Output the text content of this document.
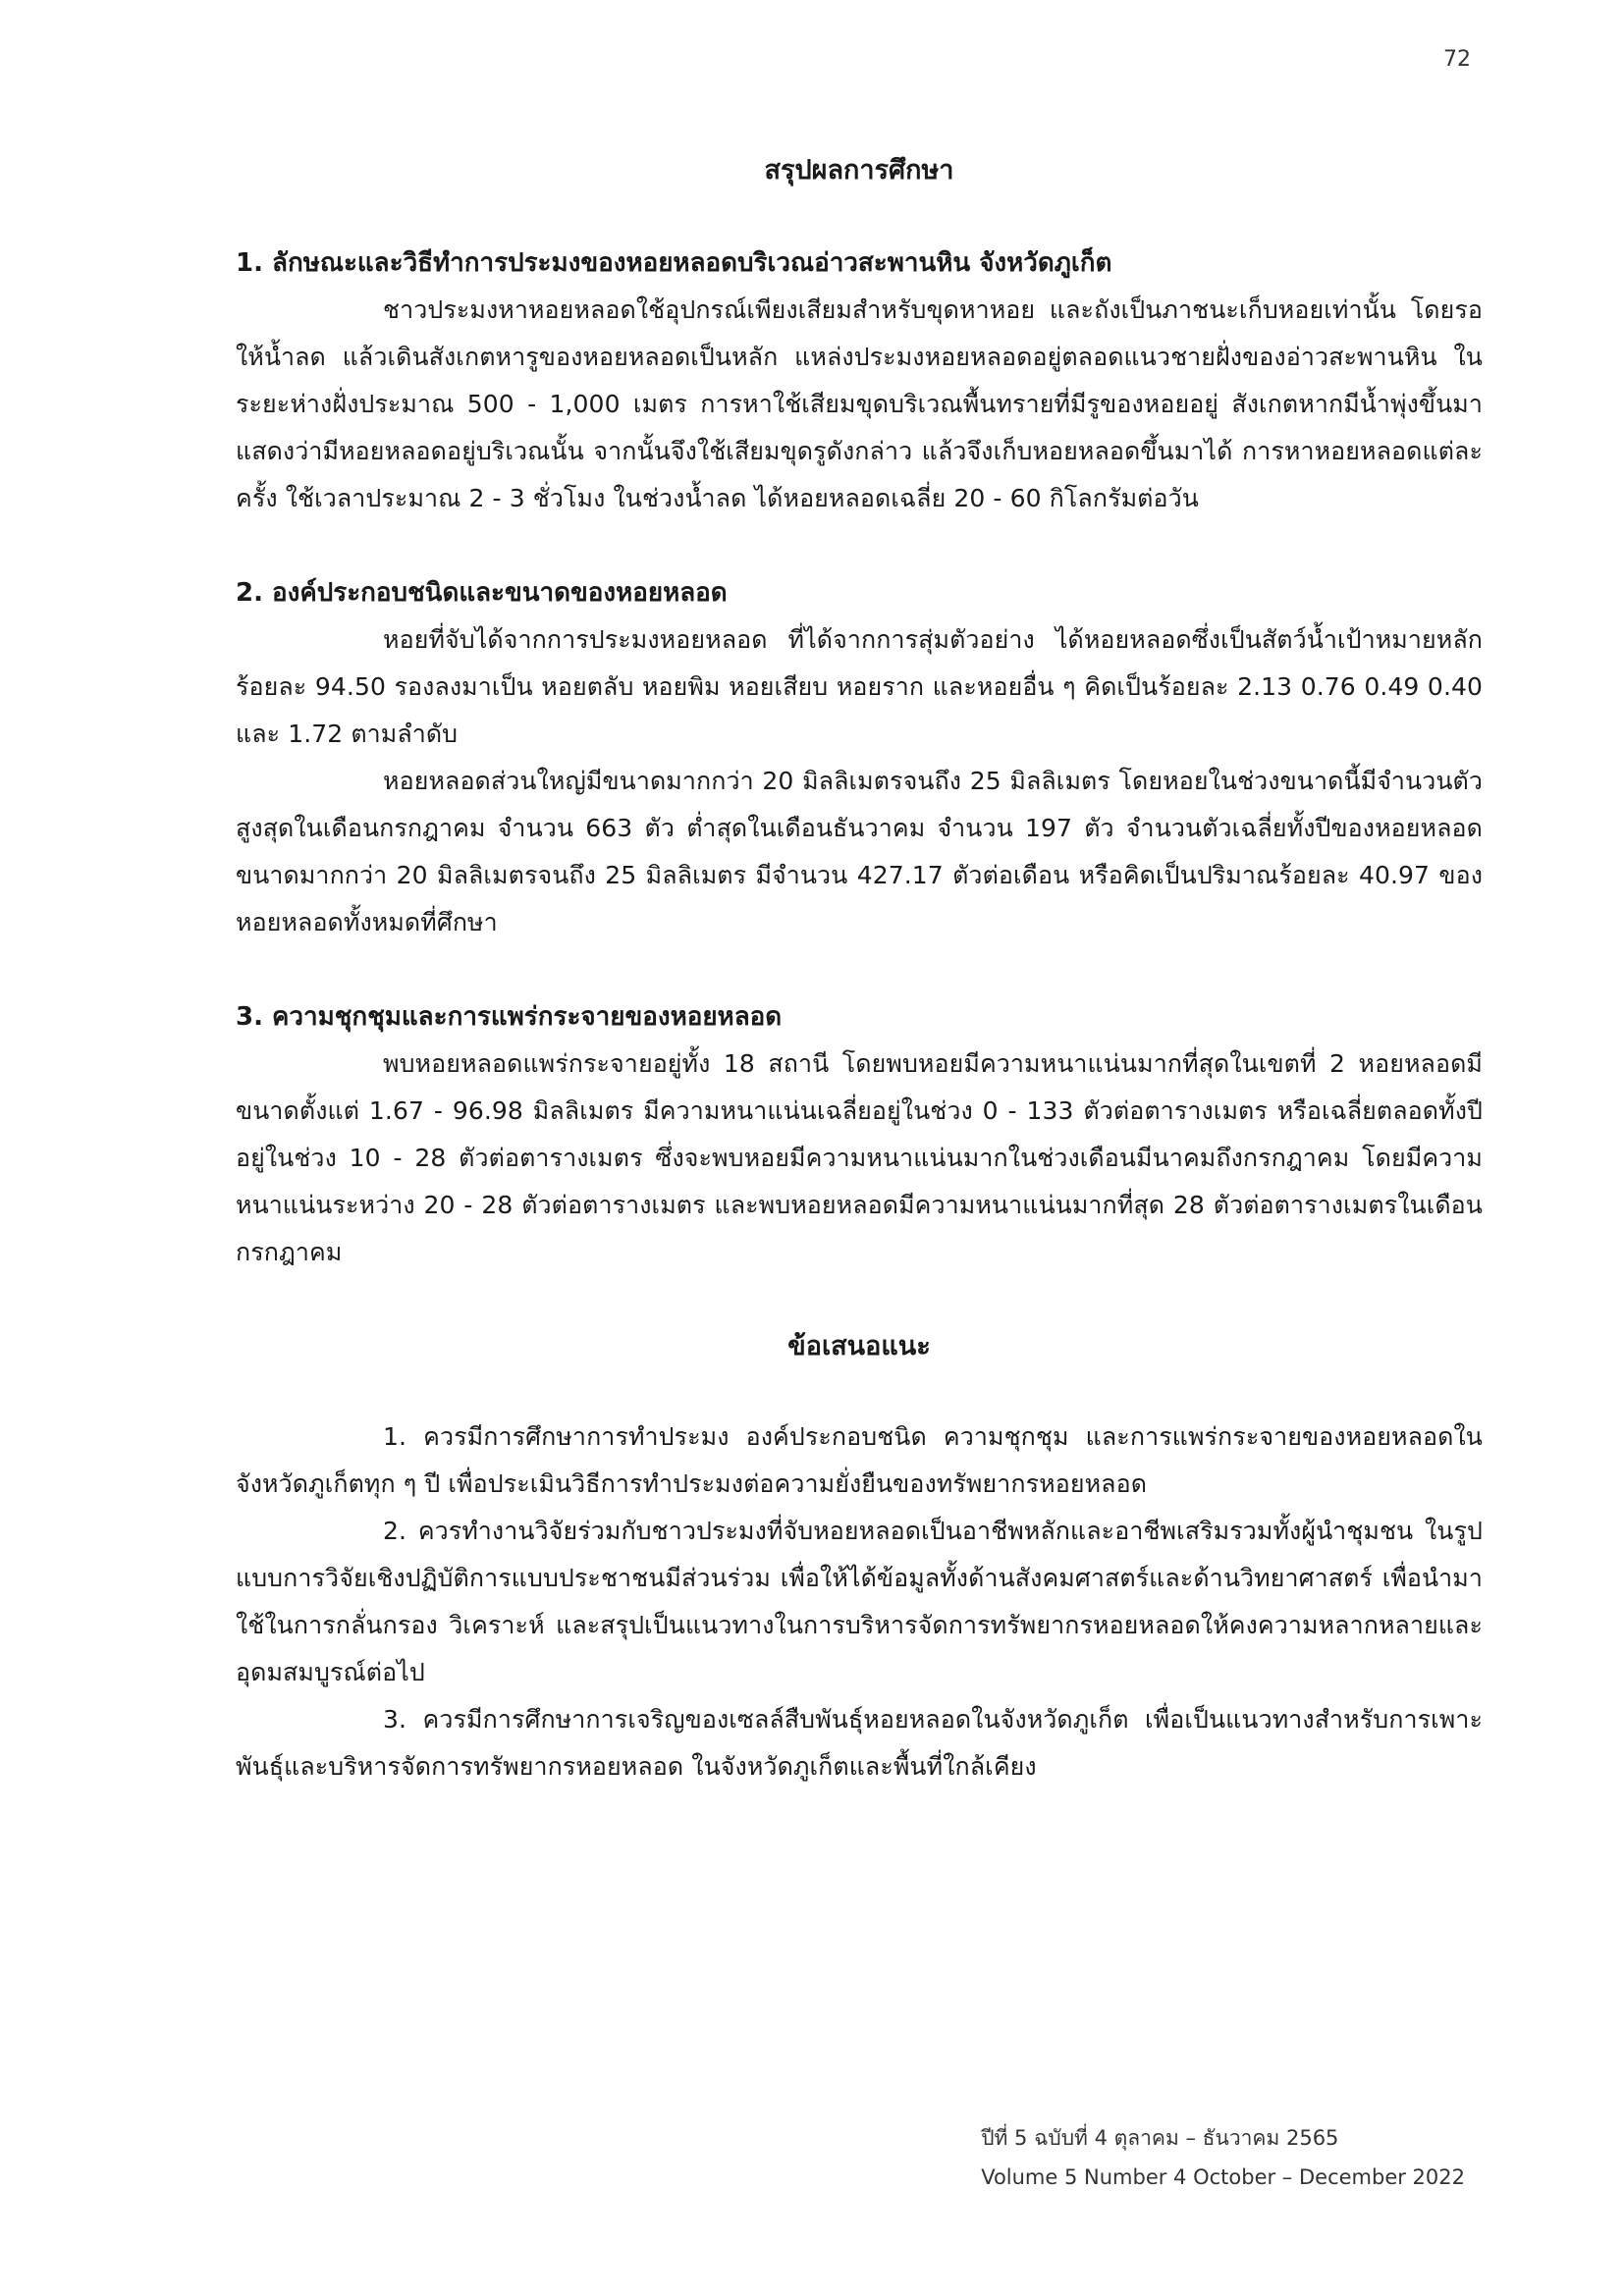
72
สรุปผลการศึกษา
1. ลักษณะและวิธีทำการประมงของหอยหลอดบริเวณอ่าวสะพานหิน จังหวัดภูเก็ต

ชาวประมงหาหอยหลอดใช้อุปกรณ์เพียงเสียมสำหรับขุดหาหอย และถังเป็นภาชนะเก็บหอยเท่านั้น โดยรอให้น้ำลด แล้วเดินสังเกตหารูของหอยหลอดเป็นหลัก แหล่งประมงหอยหลอดอยู่ตลอดแนวชายฝั่งของอ่าวสะพานหิน ในระยะห่างฝั่งประมาณ 500 - 1,000 เมตร การหาใช้เสียมขุดบริเวณพื้นทรายที่มีรูของหอยอยู่ สังเกตหากมีน้ำพุ่งขึ้นมา แสดงว่ามีหอยหลอดอยู่บริเวณนั้น จากนั้นจึงใช้เสียมขุดรูดังกล่าว แล้วจึงเก็บหอยหลอดขึ้นมาได้ การหาหอยหลอดแต่ละครั้ง ใช้เวลาประมาณ 2 - 3 ชั่วโมง ในช่วงน้ำลด ได้หอยหลอดเฉลี่ย 20 - 60 กิโลกรัมต่อวัน

2. องค์ประกอบชนิดและขนาดของหอยหลอด

หอยที่จับได้จากการประมงหอยหลอด ที่ได้จากการสุ่มตัวอย่าง ได้หอยหลอดซึ่งเป็นสัตว์น้ำเป้าหมายหลัก ร้อยละ 94.50 รองลงมาเป็น หอยตลับ หอยพิม หอยเสียบ หอยราก และหอยอื่น ๆ คิดเป็นร้อยละ 2.13 0.76 0.49 0.40 และ 1.72 ตามลำดับ

หอยหลอดส่วนใหญ่มีขนาดมากกว่า 20 มิลลิเมตรจนถึง 25 มิลลิเมตร โดยหอยในช่วงขนาดนี้มีจำนวนตัวสูงสุดในเดือนกรกฎาคม จำนวน 663 ตัว ต่ำสุดในเดือนธันวาคม จำนวน 197 ตัว จำนวนตัวเฉลี่ยทั้งปีของหอยหลอดขนาดมากกว่า 20 มิลลิเมตรจนถึง 25 มิลลิเมตร มีจำนวน 427.17 ตัวต่อเดือน หรือคิดเป็นปริมาณร้อยละ 40.97 ของหอยหลอดทั้งหมดที่ศึกษา

3. ความชุกชุมและการแพร่กระจายของหอยหลอด

พบหอยหลอดแพร่กระจายอยู่ทั้ง 18 สถานี โดยพบหอยมีความหนาแน่นมากที่สุดในเขตที่ 2 หอยหลอดมีขนาดตั้งแต่ 1.67 - 96.98 มิลลิเมตร มีความหนาแน่นเฉลี่ยอยู่ในช่วง 0 - 133 ตัวต่อตารางเมตร หรือเฉลี่ยตลอดทั้งปี อยู่ในช่วง 10 - 28 ตัวต่อตารางเมตร ซึ่งจะพบหอยมีความหนาแน่นมากในช่วงเดือนมีนาคมถึงกรกฎาคม โดยมีความหนาแน่นระหว่าง 20 - 28 ตัวต่อตารางเมตร และพบหอยหลอดมีความหนาแน่นมากที่สุด 28 ตัวต่อตารางเมตรในเดือนกรกฎาคม

ข้อเสนอแนะ

1. ควรมีการศึกษาการทำประมง องค์ประกอบชนิด ความชุกชุม และการแพร่กระจายของหอยหลอดในจังหวัดภูเก็ตทุก ๆ ปี เพื่อประเมินวิธีการทำประมงต่อความยั่งยืนของทรัพยากรหอยหลอด

2. ควรทำงานวิจัยร่วมกับชาวประมงที่จับหอยหลอดเป็นอาชีพหลักและอาชีพเสริมรวมทั้งผู้นำชุมชน ในรูปแบบการวิจัยเชิงปฏิบัติการแบบประชาชนมีส่วนร่วม เพื่อให้ได้ข้อมูลทั้งด้านสังคมศาสตร์และด้านวิทยาศาสตร์ เพื่อนำมาใช้ในการกลั่นกรอง วิเคราะห์ และสรุปเป็นแนวทางในการบริหารจัดการทรัพยากรหอยหลอดให้คงความหลากหลายและอุดมสมบูรณ์ต่อไป

3. ควรมีการศึกษาการเจริญของเซลล์สืบพันธุ์หอยหลอดในจังหวัดภูเก็ต เพื่อเป็นแนวทางสำหรับการเพาะพันธุ์และบริหารจัดการทรัพยากรหอยหลอด ในจังหวัดภูเก็ตและพื้นที่ใกล้เคียง

ปีที่ 5 ฉบับที่ 4 ตุลาคม – ธันวาคม 2565
Volume 5 Number 4 October – December 2022
